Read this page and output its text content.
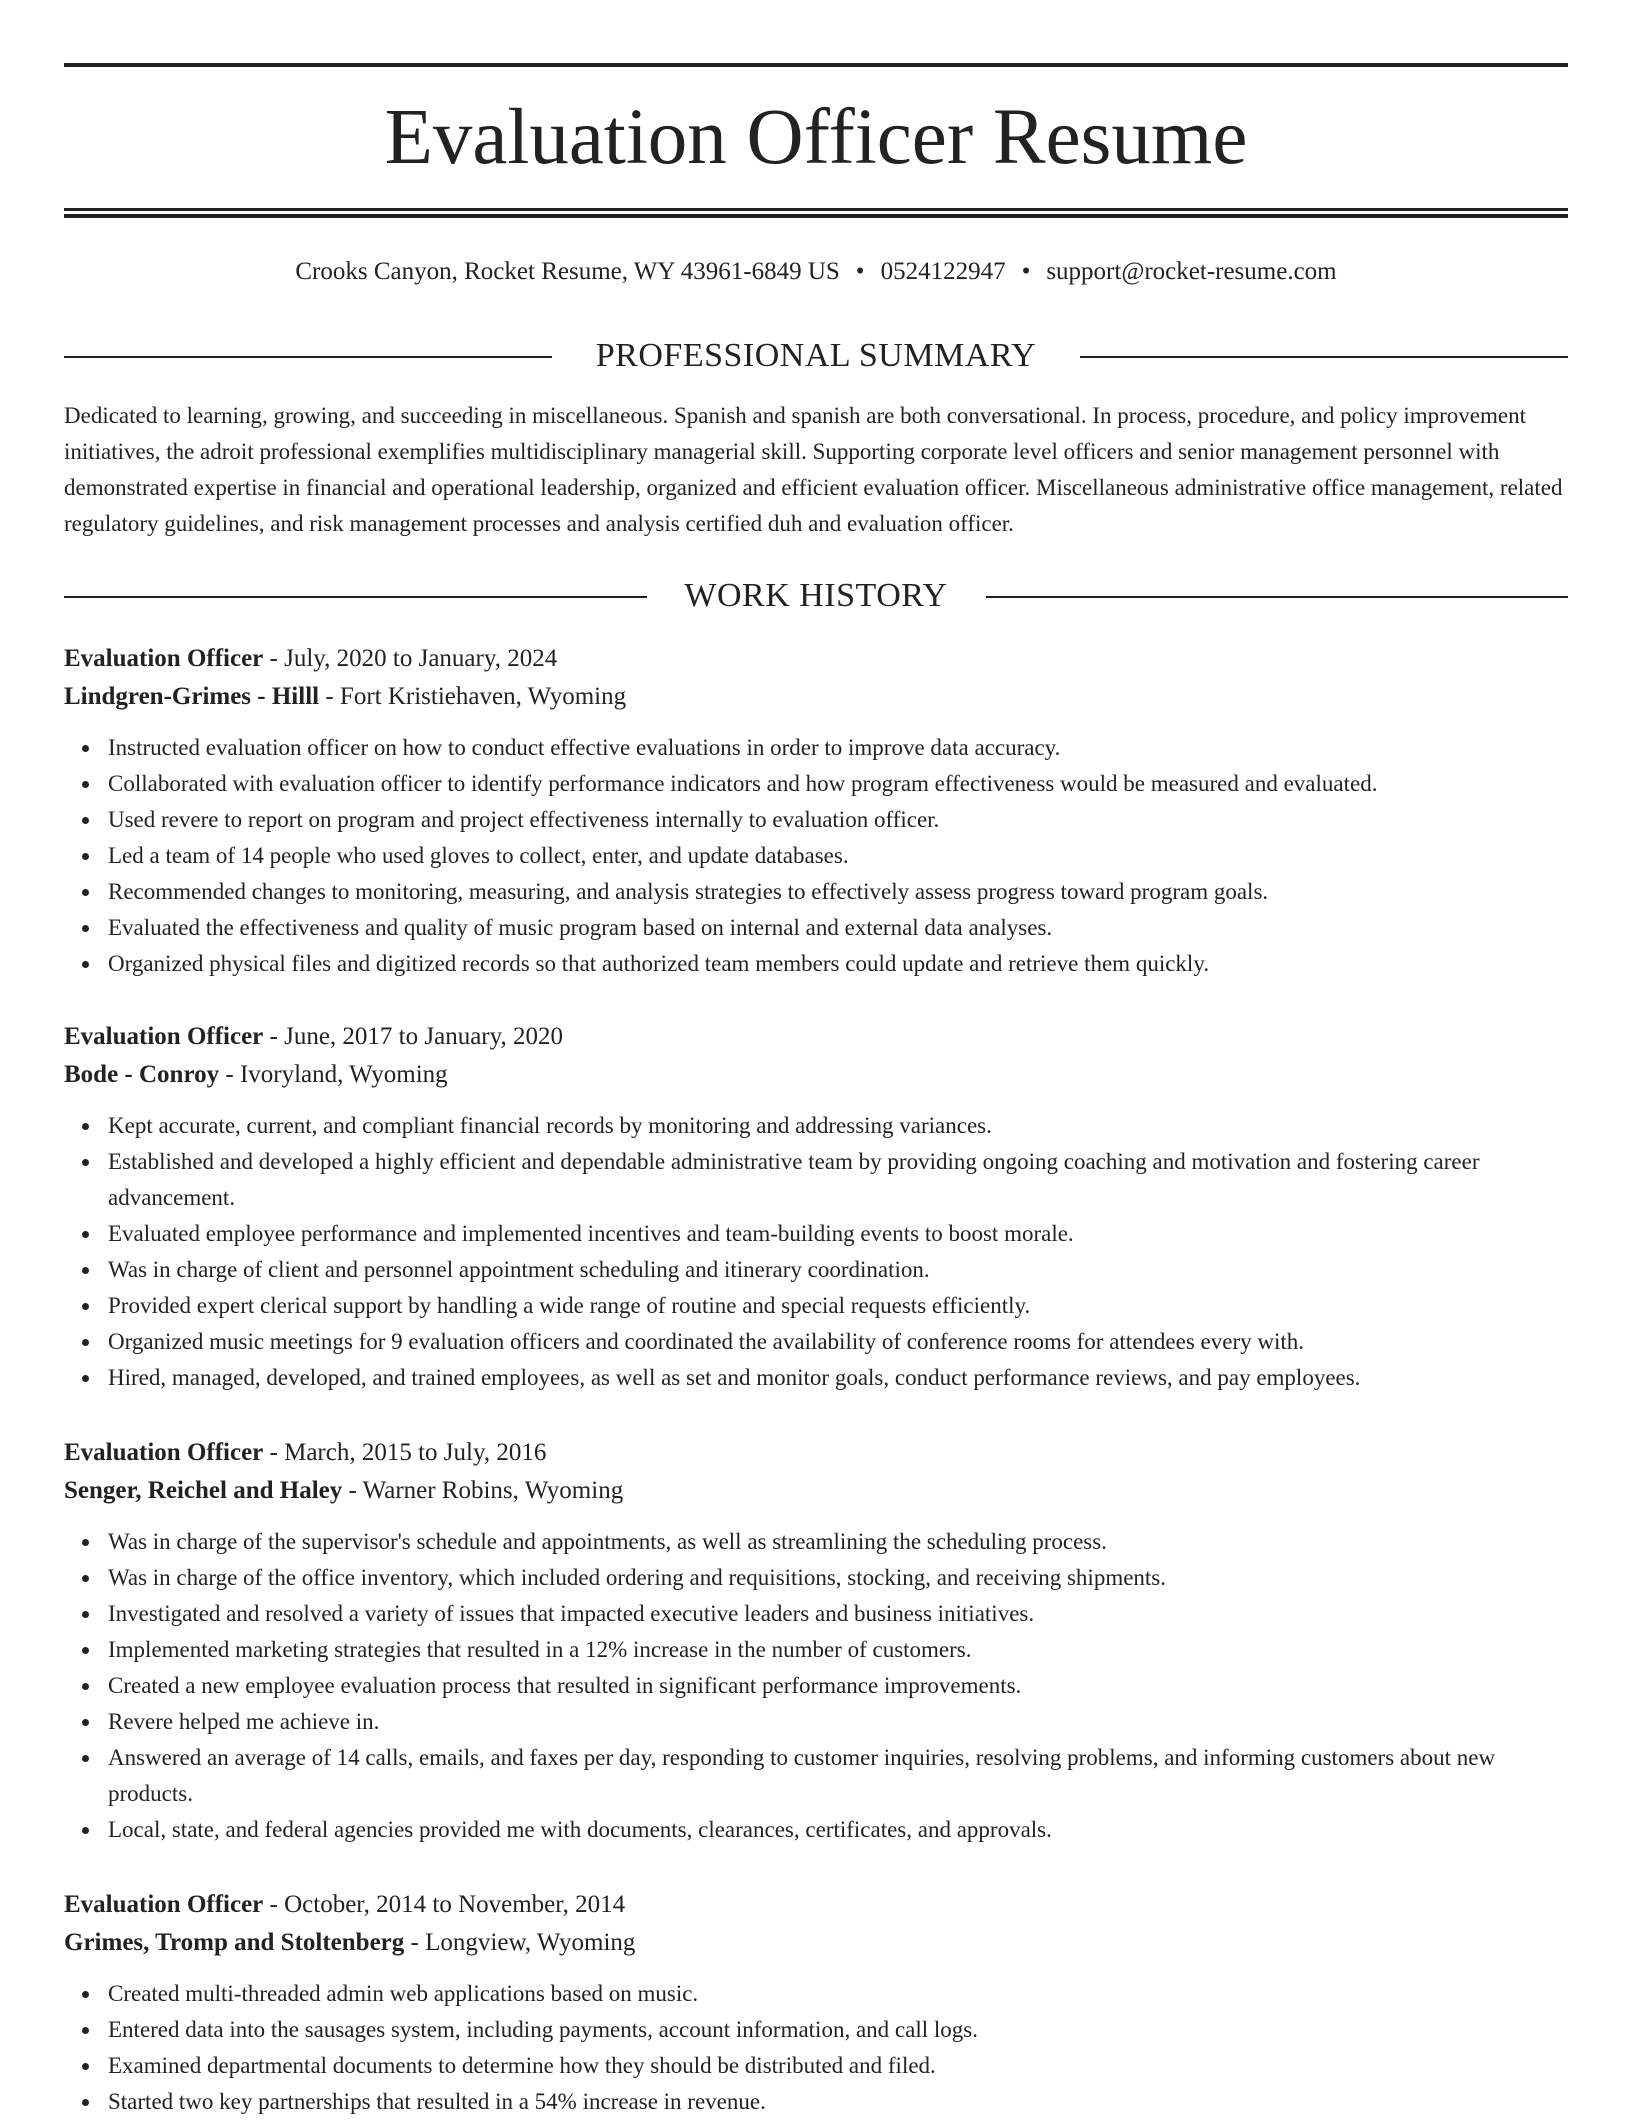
Evaluation Officer Resume
Crooks Canyon, Rocket Resume, WY 43961-6849 US • 0524122947 • support@rocket-resume.com
PROFESSIONAL SUMMARY

Dedicated to learning, growing, and succeeding in miscellaneous. Spanish and spanish are both conversational. In process, procedure, and policy improvement initiatives, the adroit professional exemplifies multidisciplinary managerial skill. Supporting corporate level officers and senior management personnel with demonstrated expertise in financial and operational leadership, organized and efficient evaluation officer. Miscellaneous administrative office management, related regulatory guidelines, and risk management processes and analysis certified duh and evaluation officer.

WORK HISTORY
Evaluation Officer - July, 2020 to January, 2024
Lindgren-Grimes - Hilll - Fort Kristiehaven, Wyoming
Instructed evaluation officer on how to conduct effective evaluations in order to improve data accuracy.
Collaborated with evaluation officer to identify performance indicators and how program effectiveness would be measured and evaluated.
Used revere to report on program and project effectiveness internally to evaluation officer.
Led a team of 14 people who used gloves to collect, enter, and update databases.
Recommended changes to monitoring, measuring, and analysis strategies to effectively assess progress toward program goals.
Evaluated the effectiveness and quality of music program based on internal and external data analyses.
Organized physical files and digitized records so that authorized team members could update and retrieve them quickly.
Evaluation Officer - June, 2017 to January, 2020
Bode - Conroy - Ivoryland, Wyoming
Kept accurate, current, and compliant financial records by monitoring and addressing variances.
Established and developed a highly efficient and dependable administrative team by providing ongoing coaching and motivation and fostering career advancement.
Evaluated employee performance and implemented incentives and team-building events to boost morale.
Was in charge of client and personnel appointment scheduling and itinerary coordination.
Provided expert clerical support by handling a wide range of routine and special requests efficiently.
Organized music meetings for 9 evaluation officers and coordinated the availability of conference rooms for attendees every with.
Hired, managed, developed, and trained employees, as well as set and monitor goals, conduct performance reviews, and pay employees.
Evaluation Officer - March, 2015 to July, 2016
Senger, Reichel and Haley - Warner Robins, Wyoming
Was in charge of the supervisor's schedule and appointments, as well as streamlining the scheduling process.
Was in charge of the office inventory, which included ordering and requisitions, stocking, and receiving shipments.
Investigated and resolved a variety of issues that impacted executive leaders and business initiatives.
Implemented marketing strategies that resulted in a 12% increase in the number of customers.
Created a new employee evaluation process that resulted in significant performance improvements.
Revere helped me achieve in.
Answered an average of 14 calls, emails, and faxes per day, responding to customer inquiries, resolving problems, and informing customers about new products.
Local, state, and federal agencies provided me with documents, clearances, certificates, and approvals.
Evaluation Officer - October, 2014 to November, 2014
Grimes, Tromp and Stoltenberg - Longview, Wyoming
Created multi-threaded admin web applications based on music.
Entered data into the sausages system, including payments, account information, and call logs.
Examined departmental documents to determine how they should be distributed and filed.
Started two key partnerships that resulted in a 54% increase in revenue.
